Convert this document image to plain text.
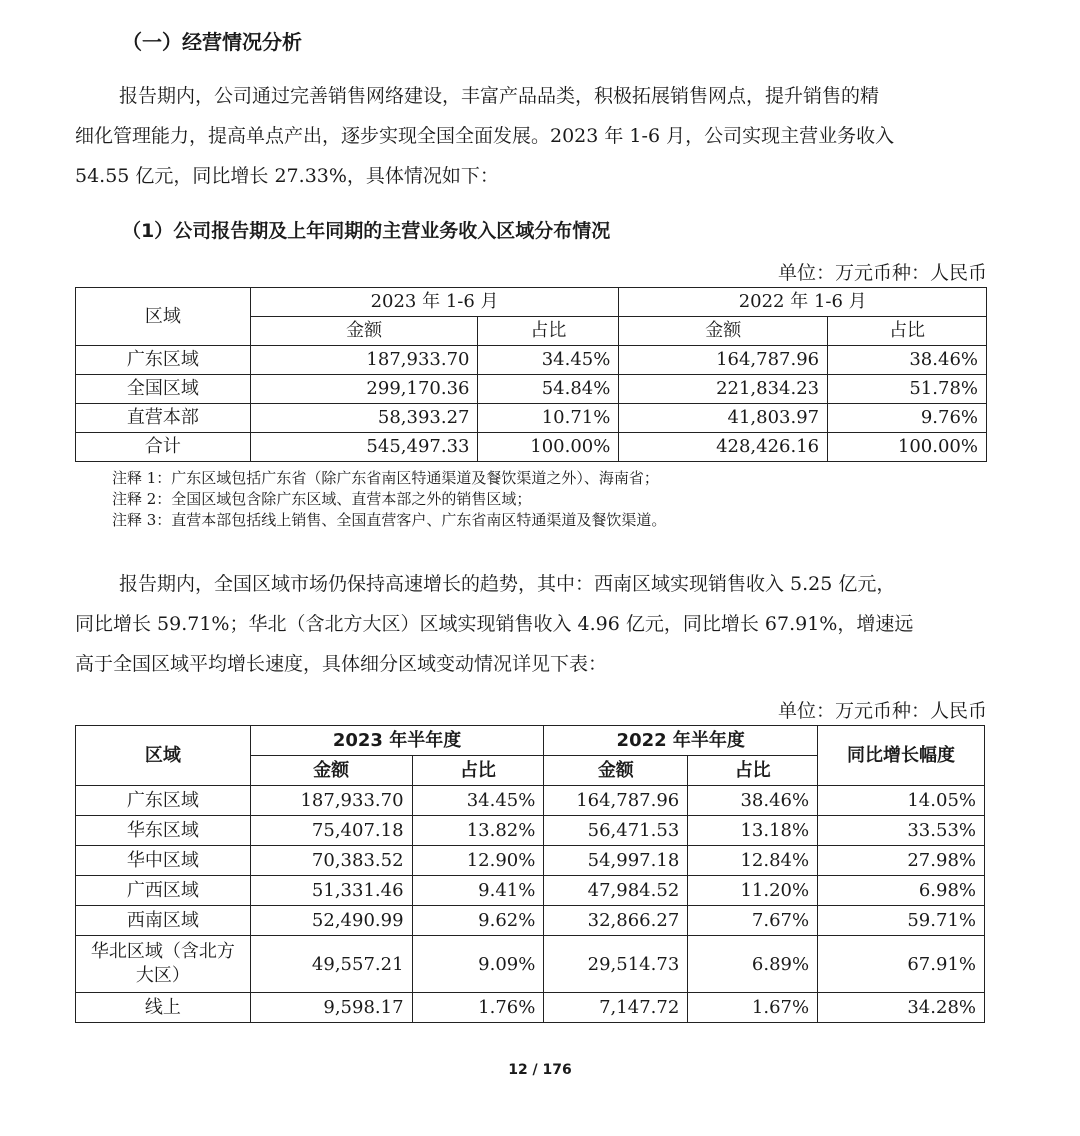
（一）经营情况分析
报告期内，公司通过完善销售网络建设，丰富产品品类，积极拓展销售网点，提升销售的精
细化管理能力，提高单点产出，逐步实现全国全面发展。2023 年 1-6 月，公司实现主营业务收入
54.55 亿元，同比增长 27.33%，具体情况如下：
（1）公司报告期及上年同期的主营业务收入区域分布情况
单位：万元币种：人民币
区域	2023 年 1-6 月		2022 年 1-6 月	
	金额	占比	金额	占比
广东区域	187,933.70	34.45%	164,787.96	38.46%
全国区域	299,170.36	54.84%	221,834.23	51.78%
直营本部	58,393.27	10.71%	41,803.97	9.76%
合计	545,497.33	100.00%	428,426.16	100.00%
注释 1：广东区域包括广东省（除广东省南区特通渠道及餐饮渠道之外）、海南省；
注释 2：全国区域包含除广东区域、直营本部之外的销售区域；
注释 3：直营本部包括线上销售、全国直营客户、广东省南区特通渠道及餐饮渠道。
报告期内，全国区域市场仍保持高速增长的趋势，其中：西南区域实现销售收入 5.25 亿元，
同比增长 59.71%；华北（含北方大区）区域实现销售收入 4.96 亿元，同比增长 67.91%，增速远
高于全国区域平均增长速度，具体细分区域变动情况详见下表：
单位：万元币种：人民币
区域	2023 年半年度		2022 年半年度		同比增长幅度
	金额	占比	金额	占比	
广东区域	187,933.70	34.45%	164,787.96	38.46%	14.05%
华东区域	75,407.18	13.82%	56,471.53	13.18%	33.53%
华中区域	70,383.52	12.90%	54,997.18	12.84%	27.98%
广西区域	51,331.46	9.41%	47,984.52	11.20%	6.98%
西南区域	52,490.99	9.62%	32,866.27	7.67%	59.71%
华北区域（含北方大区）	49,557.21	9.09%	29,514.73	6.89%	67.91%
线上	9,598.17	1.76%	7,147.72	1.67%	34.28%
12 / 176
